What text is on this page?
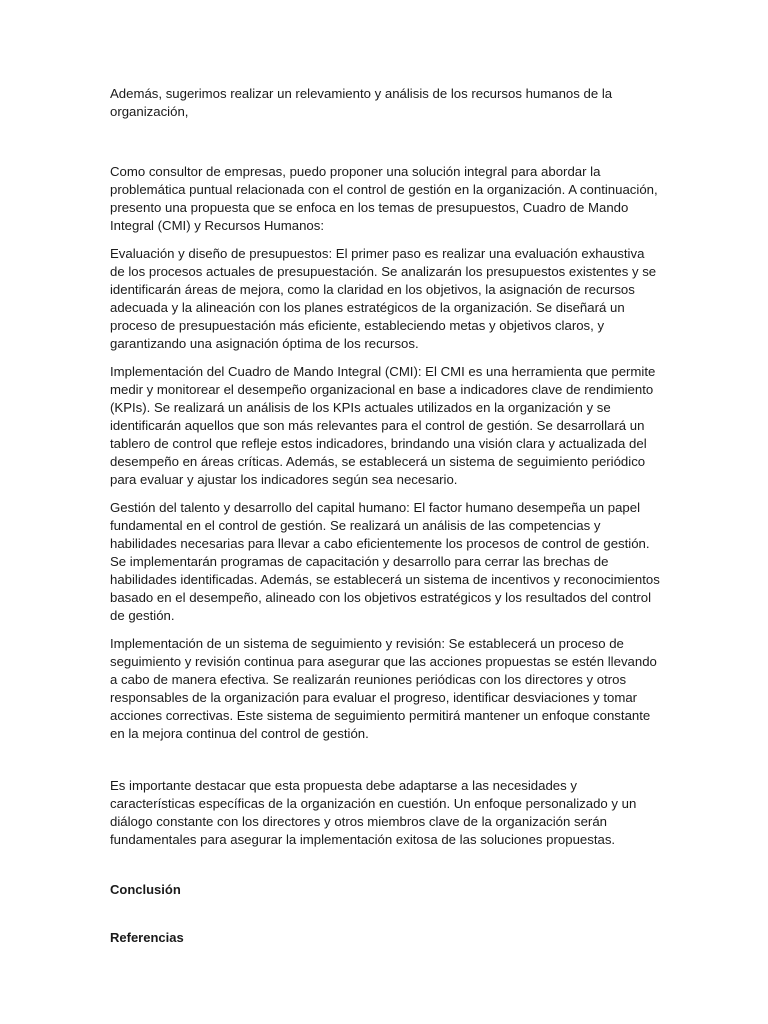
Además, sugerimos realizar un relevamiento y análisis de los recursos humanos de la organización,

Como consultor de empresas, puedo proponer una solución integral para abordar la problemática puntual relacionada con el control de gestión en la organización. A continuación, presento una propuesta que se enfoca en los temas de presupuestos, Cuadro de Mando Integral (CMI) y Recursos Humanos:

Evaluación y diseño de presupuestos: El primer paso es realizar una evaluación exhaustiva de los procesos actuales de presupuestación. Se analizarán los presupuestos existentes y se identificarán áreas de mejora, como la claridad en los objetivos, la asignación de recursos adecuada y la alineación con los planes estratégicos de la organización. Se diseñará un proceso de presupuestación más eficiente, estableciendo metas y objetivos claros, y garantizando una asignación óptima de los recursos.

Implementación del Cuadro de Mando Integral (CMI): El CMI es una herramienta que permite medir y monitorear el desempeño organizacional en base a indicadores clave de rendimiento (KPIs). Se realizará un análisis de los KPIs actuales utilizados en la organización y se identificarán aquellos que son más relevantes para el control de gestión. Se desarrollará un tablero de control que refleje estos indicadores, brindando una visión clara y actualizada del desempeño en áreas críticas. Además, se establecerá un sistema de seguimiento periódico para evaluar y ajustar los indicadores según sea necesario.

Gestión del talento y desarrollo del capital humano: El factor humano desempeña un papel fundamental en el control de gestión. Se realizará un análisis de las competencias y habilidades necesarias para llevar a cabo eficientemente los procesos de control de gestión. Se implementarán programas de capacitación y desarrollo para cerrar las brechas de habilidades identificadas. Además, se establecerá un sistema de incentivos y reconocimientos basado en el desempeño, alineado con los objetivos estratégicos y los resultados del control de gestión.

Implementación de un sistema de seguimiento y revisión: Se establecerá un proceso de seguimiento y revisión continua para asegurar que las acciones propuestas se estén llevando a cabo de manera efectiva. Se realizarán reuniones periódicas con los directores y otros responsables de la organización para evaluar el progreso, identificar desviaciones y tomar acciones correctivas. Este sistema de seguimiento permitirá mantener un enfoque constante en la mejora continua del control de gestión.

Es importante destacar que esta propuesta debe adaptarse a las necesidades y características específicas de la organización en cuestión. Un enfoque personalizado y un diálogo constante con los directores y otros miembros clave de la organización serán fundamentales para asegurar la implementación exitosa de las soluciones propuestas.

Conclusión

Referencias
